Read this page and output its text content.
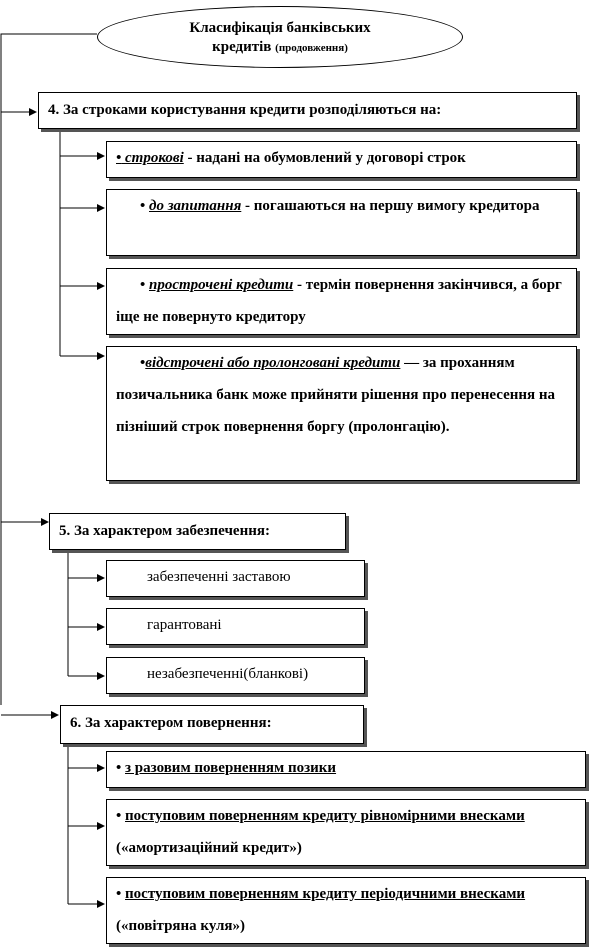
Класифікація банківських
кредитів (продовження)
4. За строками користування кредити розподіляються на:
• строкові - надані на обумовлений у договорі строк
• до запитання - погашаються на першу вимогу кредитора
• прострочені кредити - термін повернення закінчився, а борг іще не повернуто кредитору
•відстрочені або пролонговані кредити — за проханням позичальника банк може прийняти рішення про перенесення на пізніший строк повернення боргу (пролонгацію).
5. За характером забезпечення:
забезпеченні заставою
гарантовані
незабезпеченні(бланкові)
6. За характером повернення:
• з разовим поверненням позики
• поступовим поверненням кредиту рівномірними внесками («амортизаційний кредит»)
• поступовим поверненням кредиту періодичними внесками («повітряна куля»)
